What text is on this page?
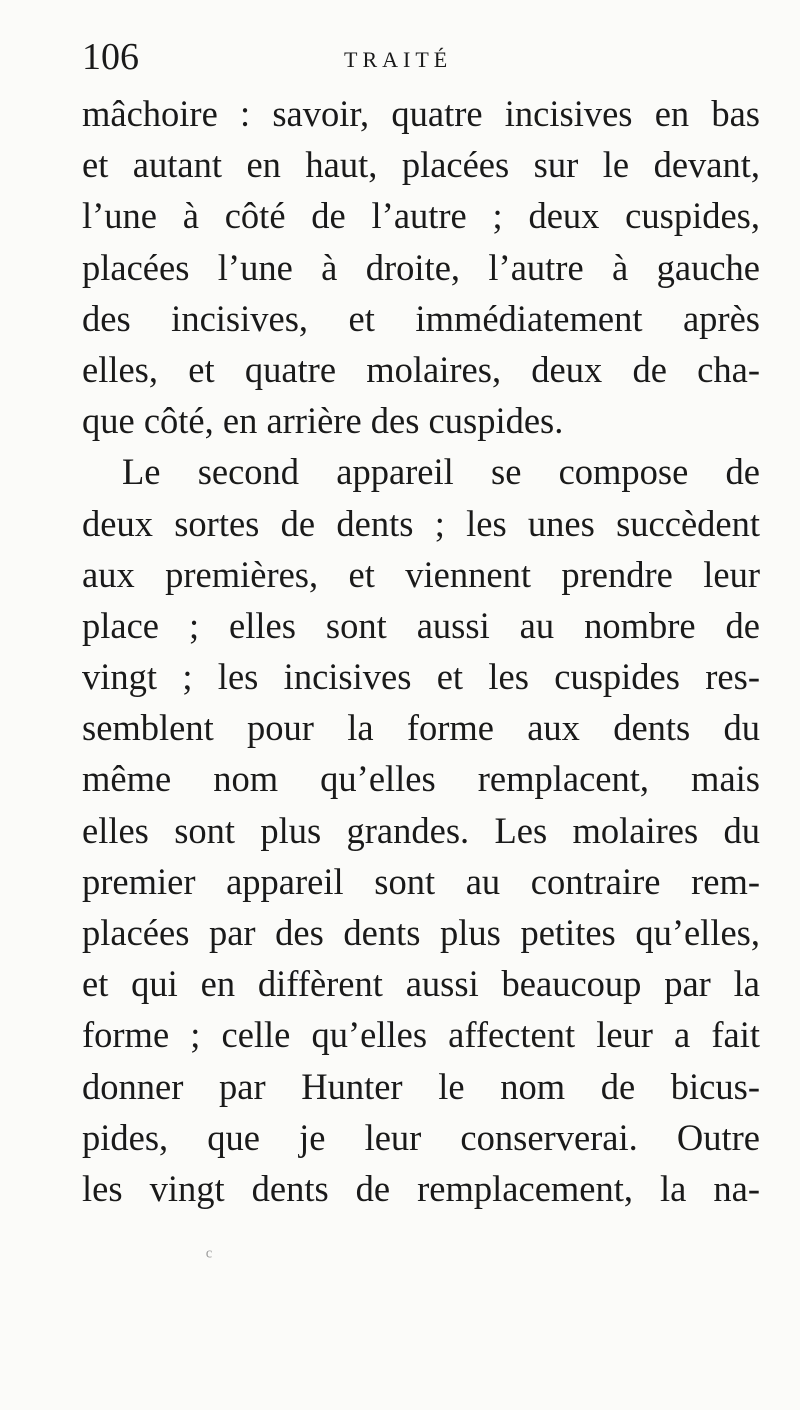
106	TRAITÉ
mâchoire : savoir, quatre incisives en bas
et autant en haut, placées sur le devant,
l’une à côté de l’autre ; deux cuspides,
placées l’une à droite, l’autre à gauche
des incisives, et immédiatement après
elles, et quatre molaires, deux de cha-
que côté, en arrière des cuspides.
Le second appareil se compose de
deux sortes de dents ; les unes succèdent
aux premières, et viennent prendre leur
place ; elles sont aussi au nombre de
vingt ; les incisives et les cuspides res-
semblent pour la forme aux dents du
même nom qu’elles remplacent, mais
elles sont plus grandes. Les molaires du
premier appareil sont au contraire rem-
placées par des dents plus petites qu’elles,
et qui en diffèrent aussi beaucoup par la
forme ; celle qu’elles affectent leur a fait
donner par Hunter le nom de bicus-
pides, que je leur conserverai. Outre
les vingt dents de remplacement, la na-
ᶜ
